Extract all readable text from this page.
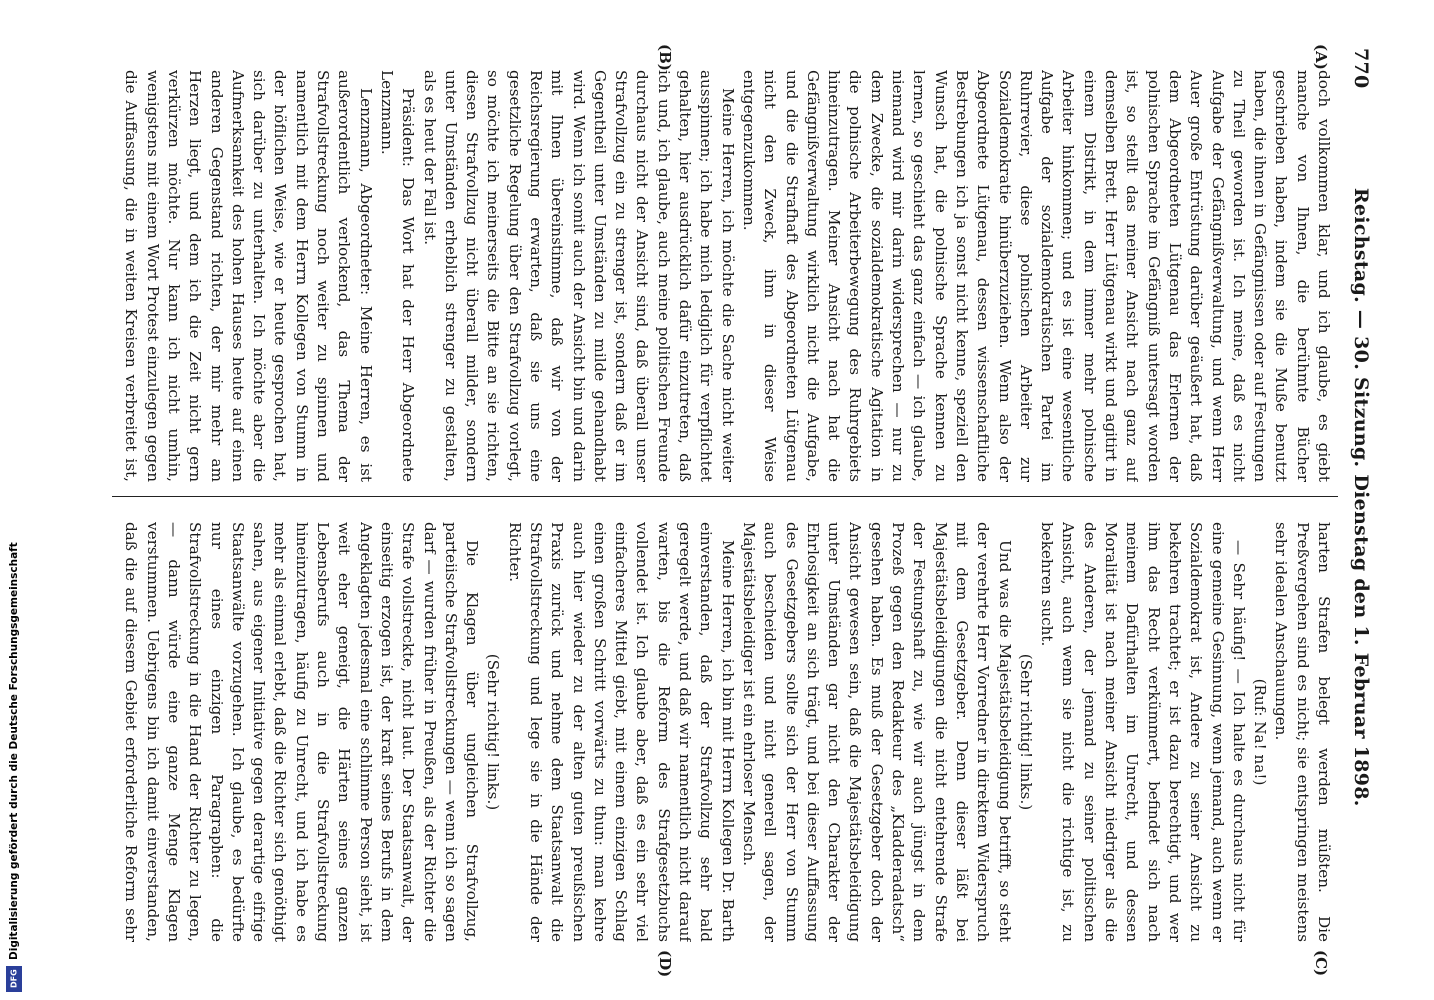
770
Reichstag. — 30. Sitzung. Dienstag den 1. Februar 1898.
(A)
(B)
(C)
(D)

doch vollkommen klar, und ich glaube, es giebt manche von Ihnen, die berühmte Bücher geschrieben haben, indem sie die Muße benutzt haben, die ihnen in Gefängnissen oder auf Festungen zu Theil geworden ist. Ich meine, daß es nicht Aufgabe der Gefängnißverwaltung, und wenn Herr Auer große Entrüstung darüber geäußert hat, daß dem Abgeordneten Lütgenau das Erlernen der polnischen Sprache im Gefängniß untersagt worden ist, so stellt das meiner Ansicht nach ganz auf demselben Brett. Herr Lütgenau wirkt und agitirt in einem Distrikt, in dem immer mehr polnische Arbeiter hinkommen; und es ist eine wesentliche Aufgabe der sozialdemokratischen Partei im Ruhrrevier, diese polnischen Arbeiter zur Sozialdemokratie hinüberzuziehen. Wenn also der Abgeordnete Lütgenau, dessen wissenschaftliche Bestrebungen ich ja sonst nicht kenne, speziell den Wunsch hat, die polnische Sprache kennen zu lernen, so geschieht das ganz einfach — ich glaube, niemand wird mir darin widersprechen — nur zu dem Zwecke, die sozialdemokratische Agitation in die polnische Arbeiterbewegung des Ruhrgebiets hineinzutragen. Meiner Ansicht nach hat die Gefängnißverwaltung wirklich nicht die Aufgabe, und die die Strafhaft des Abgeordneten Lütgenau nicht den Zweck, ihm in dieser Weise entgegenzukommen.

Meine Herren, ich möchte die Sache nicht weiter ausspinnen; ich habe mich lediglich für verpflichtet gehalten, hier ausdrücklich dafür einzutreten, daß ich und, ich glaube, auch meine politischen Freunde durchaus nicht der Ansicht sind, daß überall unser Strafvollzug ein zu strenger ist, sondern daß er im Gegentheil unter Umständen zu milde gehandhabt wird. Wenn ich somit auch der Ansicht bin und darin mit Ihnen übereinstimme, daß wir von der Reichsregierung erwarten, daß sie uns eine gesetzliche Regelung über den Strafvollzug vorlegt, so möchte ich meinerseits die Bitte an sie richten, diesen Strafvollzug nicht überall milder, sondern unter Umständen erheblich strenger zu gestalten, als es heut der Fall ist.

Präsident: Das Wort hat der Herr Abgeordnete Lenzmann.

Lenzmann, Abgeordneter: Meine Herren, es ist außerordentlich verlockend, das Thema der Strafvollstreckung noch weiter zu spinnen und namentlich mit dem Herrn Kollegen von Stumm in der höflichen Weise, wie er heute gesprochen hat, sich darüber zu unterhalten. Ich möchte aber die Aufmerksamkeit des hohen Hauses heute auf einen anderen Gegenstand richten, der mir mehr am Herzen liegt, und dem ich die Zeit nicht gern verkürzen möchte. Nur kann ich nicht umhin, wenigstens mit einem Wort Protest einzulegen gegen die Auffassung, die in weiten Kreisen verbreitet ist,

harten Strafen belegt werden müßten. Die Preßvergehen sind es nicht; sie entspringen meistens sehr idealen Anschauungen.

(Ruf: Na! na!)

— Sehr häufig! — Ich halte es durchaus nicht für eine gemeine Gesinnung, wenn jemand, auch wenn er Sozialdemokrat ist, Andere zu seiner Ansicht zu bekehren trachtet; er ist dazu berechtigt, und wer ihm das Recht verkümmert, befindet sich nach meinem Dafürhalten im Unrecht, und dessen Moralität ist nach meiner Ansicht niedriger als die des Anderen, der jemand zu seiner politischen Ansicht, auch wenn sie nicht die richtige ist, zu bekehren sucht.

(Sehr richtig! links.)

Und was die Majestätsbeleidigung betrifft, so steht der verehrte Herr Vorredner in direktem Widerspruch mit dem Gesetzgeber. Denn dieser läßt bei Majestätsbeleidigungen die nicht entehrende Strafe der Festungshaft zu, wie wir auch jüngst in dem Prozeß gegen den Redakteur des „Kladderadatsch“ gesehen haben. Es muß der Gesetzgeber doch der Ansicht gewesen sein, daß die Majestätsbeleidigung unter Umständen gar nicht den Charakter der Ehrlosigkeit an sich trägt, und bei dieser Auffassung des Gesetzgebers sollte sich der Herr von Stumm auch bescheiden und nicht generell sagen, der Majestätsbeleidiger ist ein ehrloser Mensch.

Meine Herren, ich bin mit Herrn Kollegen Dr. Barth einverstanden, daß der Strafvollzug sehr bald geregelt werde, und daß wir namentlich nicht darauf warten, bis die Reform des Strafgesetzbuchs vollendet ist. Ich glaube aber, daß es ein sehr viel einfacheres Mittel giebt, mit einem einzigen Schlag einen großen Schritt vorwärts zu thun: man kehre auch hier wieder zu der alten guten preußischen Praxis zurück und nehme dem Staatsanwalt die Strafvollstreckung und lege sie in die Hände der Richter.

(Sehr richtig! links.)

Die Klagen über ungleichen Strafvollzug, parteiische Strafvollstreckungen — wenn ich so sagen darf — wurden früher in Preußen, als der Richter die Strafe vollstreckte, nicht laut. Der Staatsanwalt, der einseitig erzogen ist, der kraft seines Berufs in dem Angeklagten jedesmal eine schlimme Person sieht, ist weit eher geneigt, die Härten seines ganzen Lebensberufs auch in die Strafvollstreckung hineinzutragen, häufig zu Unrecht, und ich habe es mehr als einmal erlebt, daß die Richter sich genöthigt sahen, aus eigener Initiative gegen derartige eifrige Staatsanwälte vorzugehen. Ich glaube, es bedürfte nur eines einzigen Paragraphen: die Strafvollstreckung in die Hand der Richter zu legen, — dann würde eine ganze Menge Klagen verstummen. Uebrigens bin ich damit einverstanden, daß die auf diesem Gebiet erforderliche Reform sehr

Digitalisierung gefördert durch die Deutsche Forschungsgemeinschaft
DFG
